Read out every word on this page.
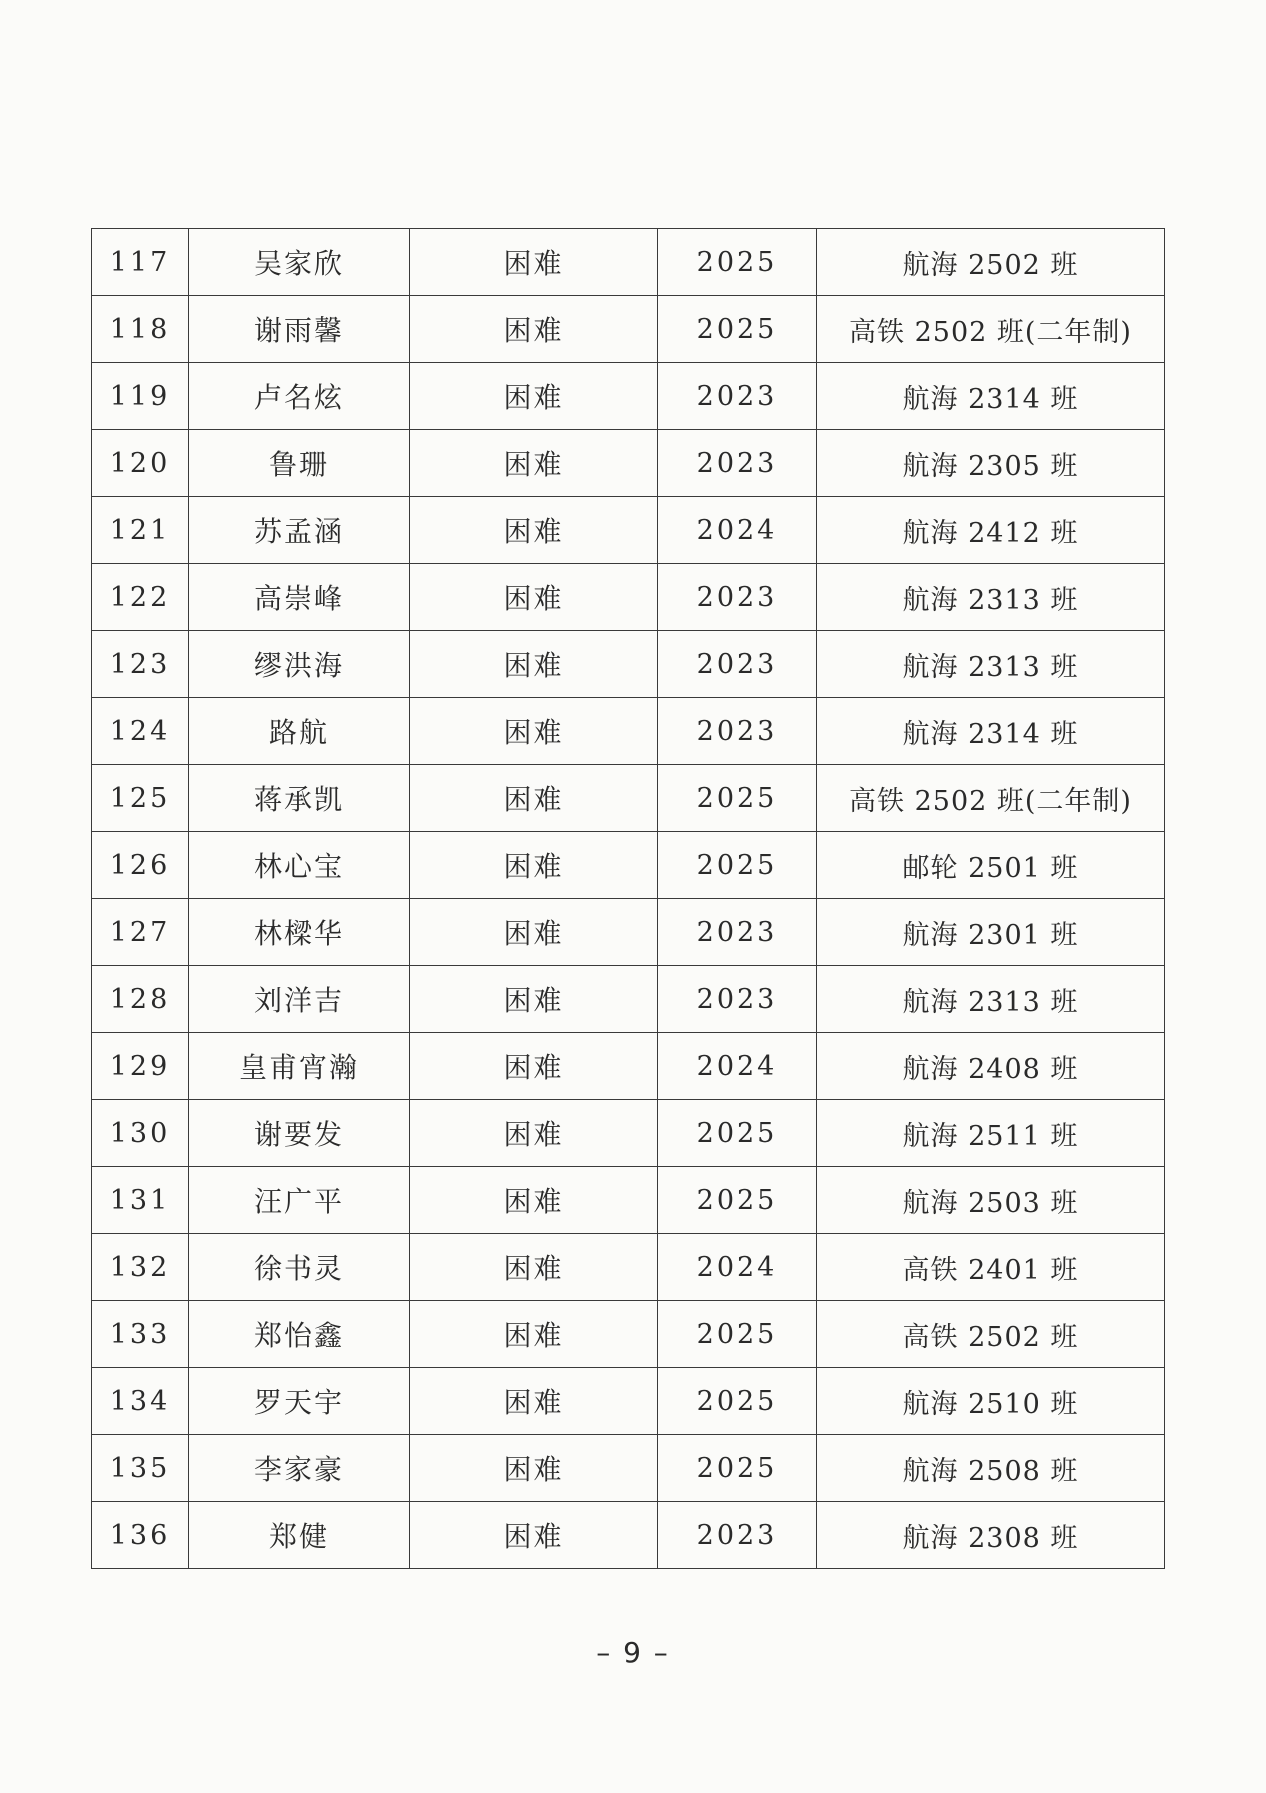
117	吴家欣	困难	2025	航海 2502 班
118	谢雨馨	困难	2025	高铁 2502 班(二年制)
119	卢名炫	困难	2023	航海 2314 班
120	鲁珊	困难	2023	航海 2305 班
121	苏孟涵	困难	2024	航海 2412 班
122	高崇峰	困难	2023	航海 2313 班
123	缪洪海	困难	2023	航海 2313 班
124	路航	困难	2023	航海 2314 班
125	蒋承凯	困难	2025	高铁 2502 班(二年制)
126	林心宝	困难	2025	邮轮 2501 班
127	林樑华	困难	2023	航海 2301 班
128	刘洋吉	困难	2023	航海 2313 班
129	皇甫宵瀚	困难	2024	航海 2408 班
130	谢要发	困难	2025	航海 2511 班
131	汪广平	困难	2025	航海 2503 班
132	徐书灵	困难	2024	高铁 2401 班
133	郑怡鑫	困难	2025	高铁 2502 班
134	罗天宇	困难	2025	航海 2510 班
135	李家豪	困难	2025	航海 2508 班
136	郑健	困难	2023	航海 2308 班
– 9 –
